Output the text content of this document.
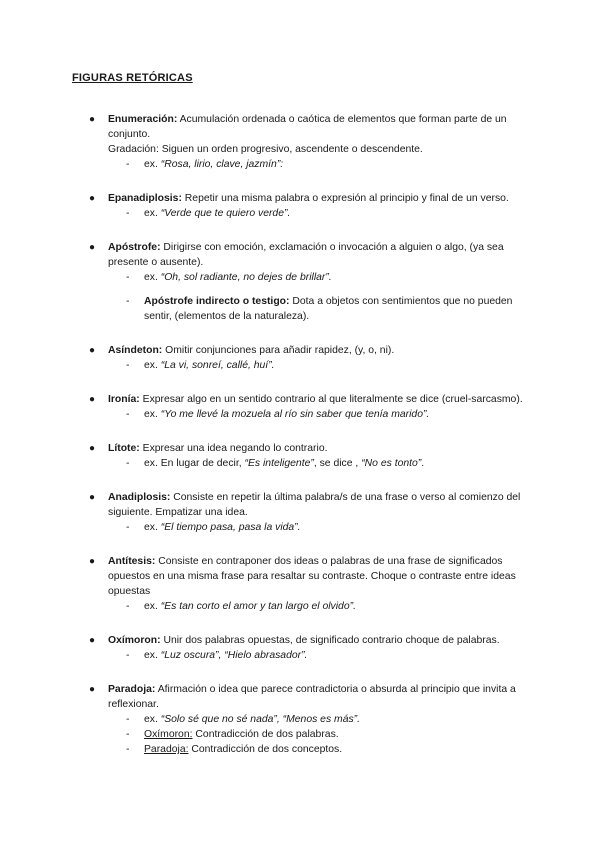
FIGURAS RETÓRICAS
● Enumeración: Acumulación ordenada o caótica de elementos que forman parte de un conjunto.
Gradación: Siguen un orden progresivo, ascendente o descendente.
- ex. “Rosa, lirio, clave, jazmín”:
● Epanadiplosis: Repetir una misma palabra o expresión al principio y final de un verso.
- ex. “Verde que te quiero verde”.
● Apóstrofe: Dirigirse con emoción, exclamación o invocación a alguien o algo, (ya sea presente o ausente).
- ex. “Oh, sol radiante, no dejes de brillar”.
- Apóstrofe indirecto o testigo: Dota a objetos con sentimientos que no pueden sentir, (elementos de la naturaleza).
● Asíndeton: Omitir conjunciones para añadir rapidez, (y, o, ni).
- ex. “La vi, sonreí, callé, huí”.
● Ironía: Expresar algo en un sentido contrario al que literalmente se dice (cruel-sarcasmo).
- ex. “Yo me llevé la mozuela al río sin saber que tenía marido”.
● Lítote: Expresar una idea negando lo contrario.
- ex. En lugar de decir, “Es inteligente”, se dice , “No es tonto”.
● Anadiplosis: Consiste en repetir la última palabra/s de una frase o verso al comienzo del siguiente. Empatizar una idea.
- ex. “El tiempo pasa, pasa la vida”.
● Antítesis: Consiste en contraponer dos ideas o palabras de una frase de significados opuestos en una misma frase para resaltar su contraste. Choque o contraste entre ideas opuestas
- ex. “Es tan corto el amor y tan largo el olvido”.
● Oxímoron: Unir dos palabras opuestas, de significado contrario choque de palabras.
- ex. “Luz oscura”, “Hielo abrasador”.
● Paradoja: Afirmación o idea que parece contradictoria o absurda al principio que invita a reflexionar.
- ex. “Solo sé que no sé nada”, “Menos es más”.
- Oxímoron: Contradicción de dos palabras.
- Paradoja: Contradicción de dos conceptos.
